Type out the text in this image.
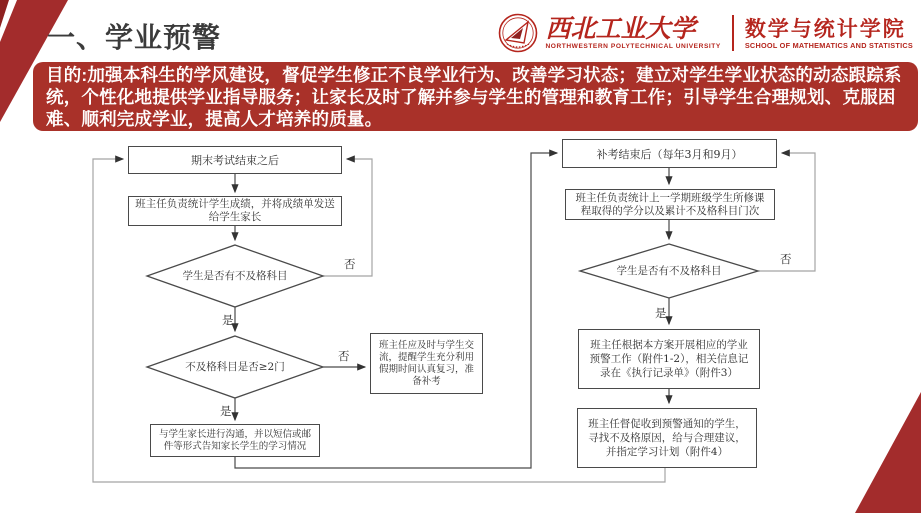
一、学业预警	西北工业大学
NORTHWESTERN POLYTECHNICAL UNIVERSITY
数学与统计学院
SCHOOL OF MATHEMATICS AND STATISTICS
目的:加强本科生的学风建设，督促学生修正不良学业行为、改善学习状态；建立对学生学业状态的动态跟踪系统，个性化地提供学业指导服务；让家长及时了解并参与学生的管理和教育工作；引导学生合理规划、克服困难、顺利完成学业，提高人才培养的质量。
期末考试结束之后
班主任负责统计学生成绩，并将成绩单发送给学生家长
学生是否有不及格科目
不及格科目是否≥2门
与学生家长进行沟通，并以短信或邮件等形式告知家长学生的学习情况
班主任应及时与学生交流，提醒学生充分利用假期时间认真复习，准备补考
补考结束后（每年3月和9月）
班主任负责统计上一学期班级学生所修课程取得的学分以及累计不及格科目门次
学生是否有不及格科目
班主任根据本方案开展相应的学业预警工作（附件1-2），相关信息记录在《执行记录单》（附件3）
班主任督促收到预警通知的学生，寻找不及格原因，给与合理建议，并指定学习计划（附件4）
是
是
是
否
否
否
